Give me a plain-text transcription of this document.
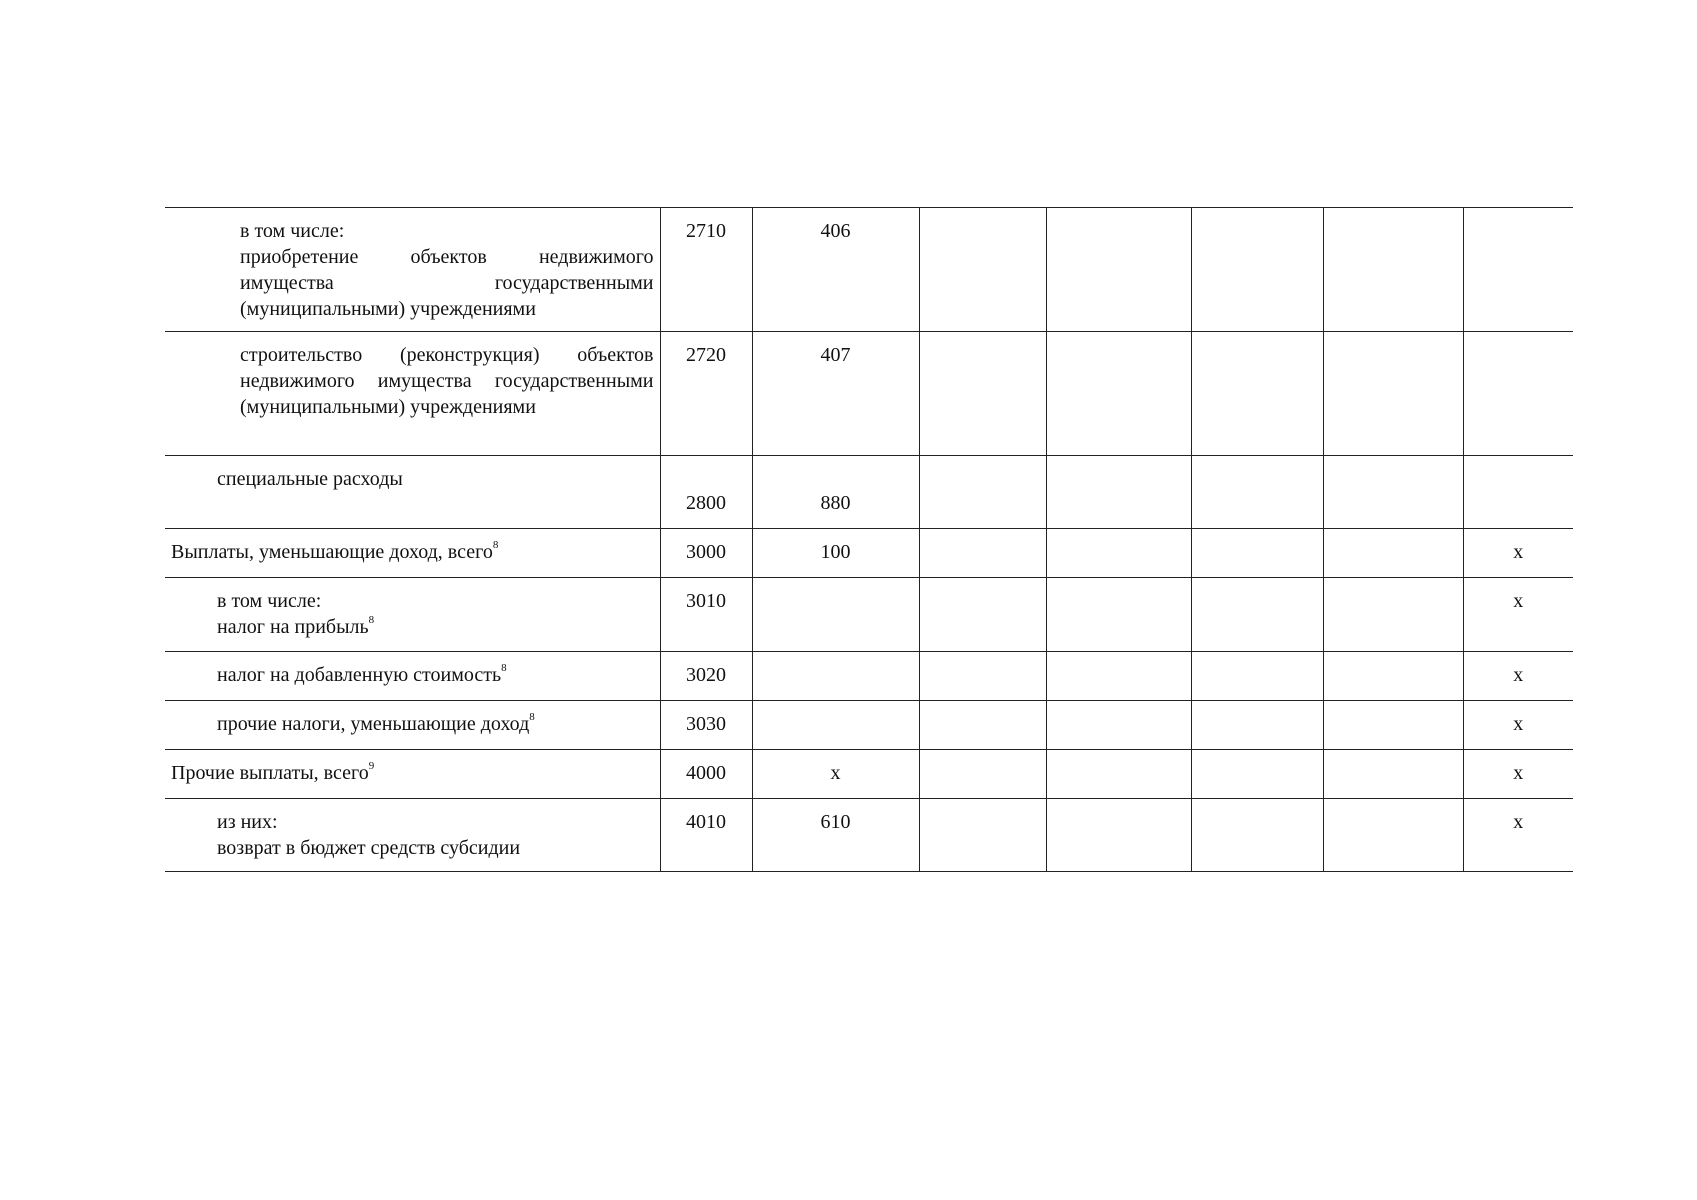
в том числе:
приобретение объектов недвижимого имущества государственными (муниципальными) учреждениями	2710	406					

строительство (реконструкция) объектов недвижимого имущества государственными (муниципальными) учреждениями	2720	407					

специальные расходы	2800	880					
Выплаты, уменьшающие доход, всего$^8$	3000	100					x

в том числе:
налог на прибыль$^8$	3010						x
налог на добавленную стоимость$^8$	3020						x
прочие налоги, уменьшающие доход$^8$	3030						x
Прочие выплаты, всего$^9$	4000	x					x

из них:
возврат в бюджет средств субсидии	4010	610					x
